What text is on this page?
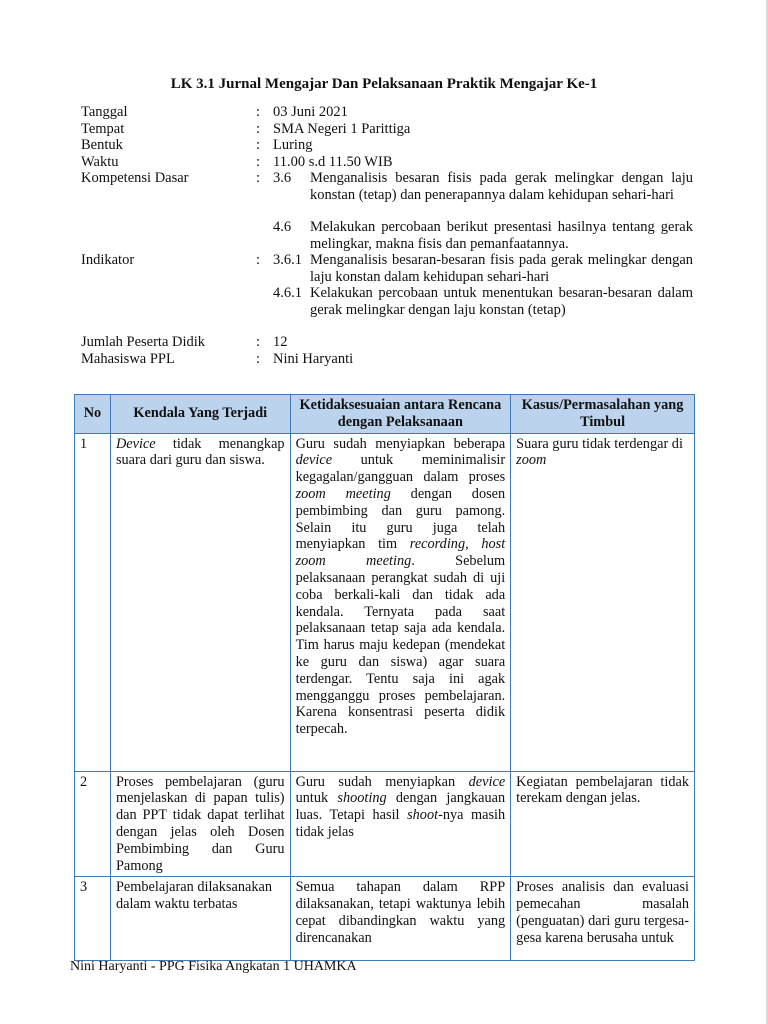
LK 3.1 Jurnal Mengajar Dan Pelaksanaan Praktik Mengajar Ke-1
Tanggal	: 03 Juni 2021
Tempat	: SMA Negeri 1 Parittiga
Bentuk	: Luring
Waktu	: 11.00 s.d 11.50 WIB
Kompetensi Dasar	: 3.6	Menganalisis besaran fisis pada gerak melingkar dengan laju konstan (tetap) dan penerapannya dalam kehidupan sehari-hari
4.6	Melakukan percobaan berikut presentasi hasilnya tentang gerak melingkar, makna fisis dan pemanfaatannya.
Indikator	: 3.6.1 Menganalisis besaran-besaran fisis pada gerak melingkar dengan laju konstan dalam kehidupan sehari-hari
4.6.1 Kelakukan percobaan untuk menentukan besaran-besaran dalam gerak melingkar dengan laju konstan (tetap)
Jumlah Peserta Didik	: 12
Mahasiswa PPL	: Nini Haryanti
No	Kendala Yang Terjadi	Ketidaksesuaian antara Rencana dengan Pelaksanaan	Kasus/Permasalahan yang Timbul
1	Device tidak menangkap suara dari guru dan siswa.	Guru sudah menyiapkan beberapa device untuk meminimalisir kegagalan/gangguan dalam proses zoom meeting dengan dosen pembimbing dan guru pamong. Selain itu guru juga telah menyiapkan tim recording, host zoom meeting. Sebelum pelaksanaan perangkat sudah di uji coba berkali-kali dan tidak ada kendala. Ternyata pada saat pelaksanaan tetap saja ada kendala. Tim harus maju kedepan (mendekat ke guru dan siswa) agar suara terdengar. Tentu saja ini agak mengganggu proses pembelajaran. Karena konsentrasi peserta didik terpecah.	Suara guru tidak terdengar di zoom
2	Proses pembelajaran (guru menjelaskan di papan tulis) dan PPT tidak dapat terlihat dengan jelas oleh Dosen Pembimbing dan Guru Pamong	Guru sudah menyiapkan device untuk shooting dengan jangkauan luas. Tetapi hasil shoot-nya masih tidak jelas	Kegiatan pembelajaran tidak terekam dengan jelas.
3	Pembelajaran dilaksanakan dalam waktu terbatas	Semua tahapan dalam RPP dilaksanakan, tetapi waktunya lebih cepat dibandingkan waktu yang direncanakan	Proses analisis dan evaluasi pemecahan masalah (penguatan) dari guru tergesa-gesa karena berusaha untuk
Nini Haryanti - PPG Fisika Angkatan 1 UHAMKA
